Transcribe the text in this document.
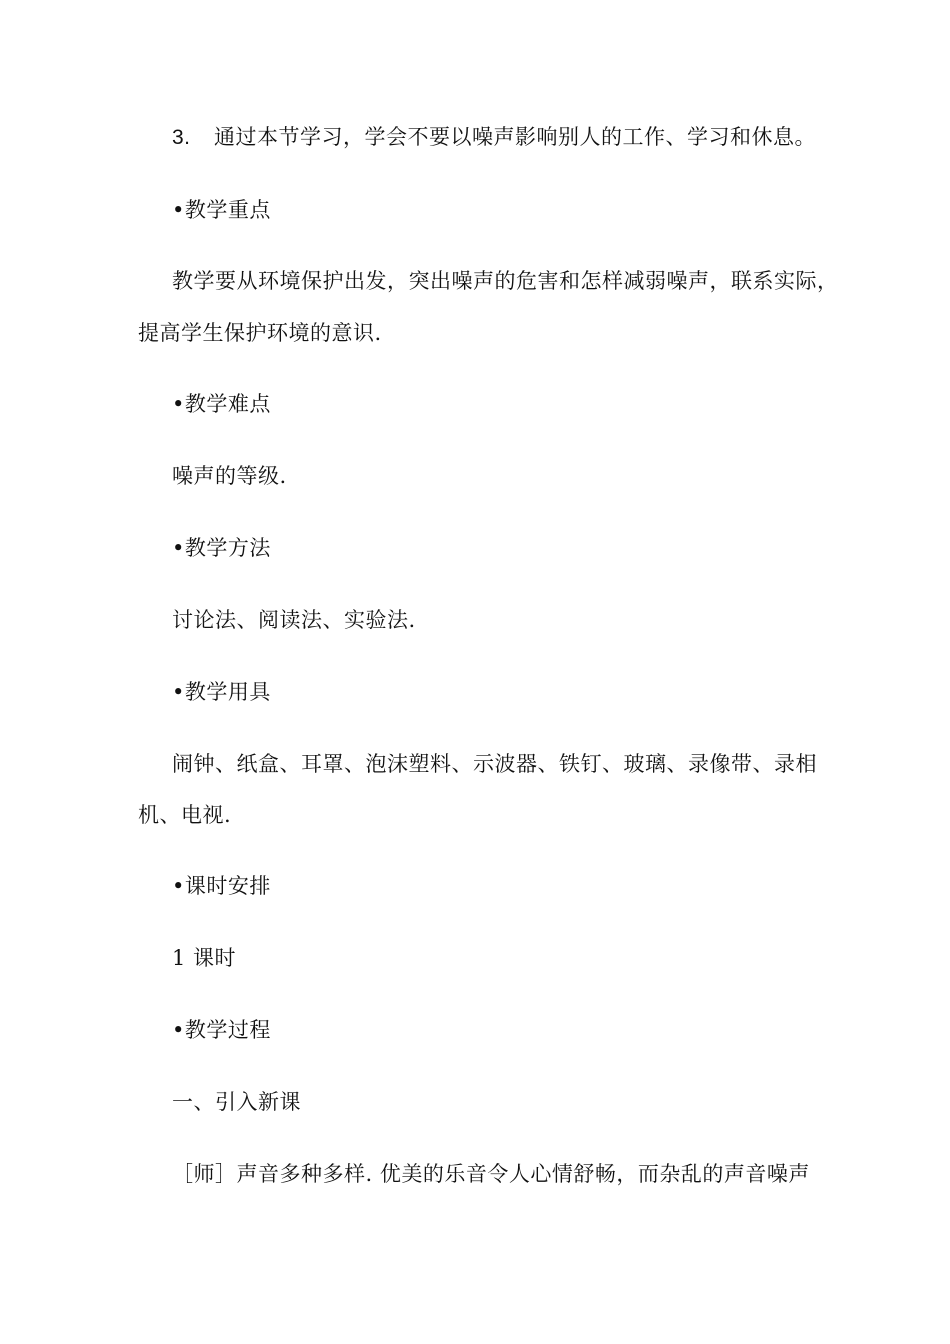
3. 通过本节学习，学会不要以噪声影响别人的工作、学习和休息。
•教学重点
教学要从环境保护出发，突出噪声的危害和怎样减弱噪声，联系实际，
提高学生保护环境的意识.
•教学难点
噪声的等级.
•教学方法
讨论法、阅读法、实验法.
•教学用具
闹钟、纸盒、耳罩、泡沫塑料、示波器、铁钉、玻璃、录像带、录相
机、电视.
•课时安排
1 课时
•教学过程
一、引入新课
［师］声音多种多样. 优美的乐音令人心情舒畅，而杂乱的声音噪声
